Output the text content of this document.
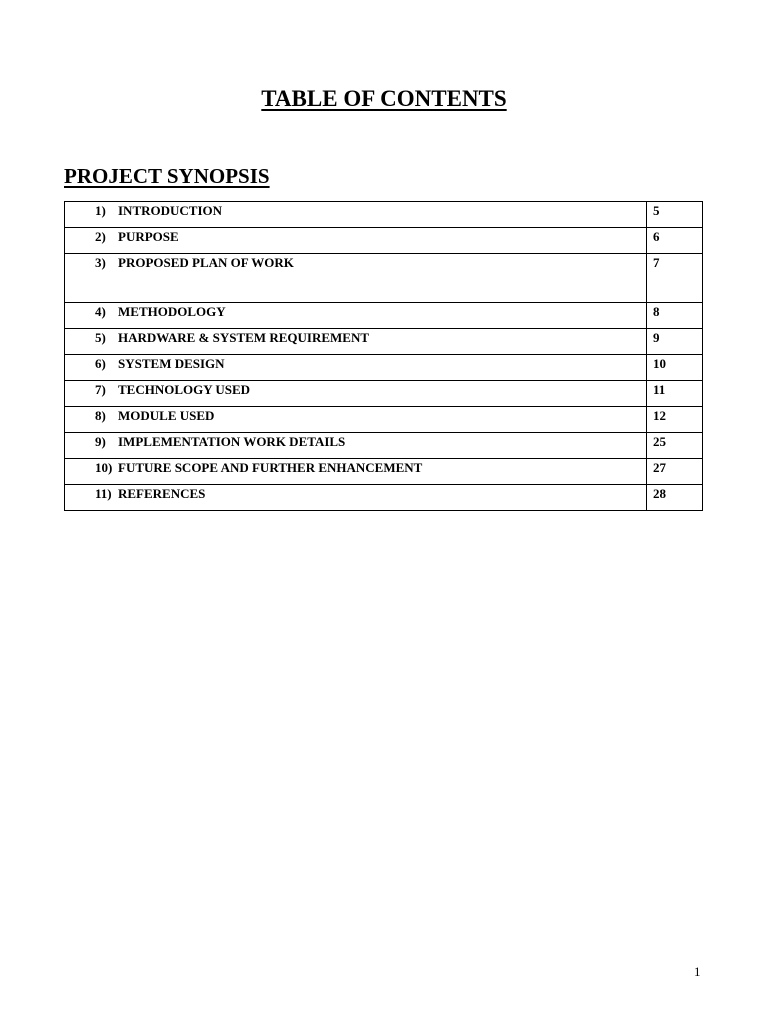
TABLE OF CONTENTS
PROJECT SYNOPSIS
1) INTRODUCTION	5
2) PURPOSE	6
3) PROPOSED PLAN OF WORK	7
4) METHODOLOGY	8
5) HARDWARE & SYSTEM REQUIREMENT	9
6) SYSTEM DESIGN	10
7) TECHNOLOGY USED	11
8) MODULE USED	12
9) IMPLEMENTATION WORK DETAILS	25
10) FUTURE SCOPE AND FURTHER ENHANCEMENT	27
11) REFERENCES	28
1
